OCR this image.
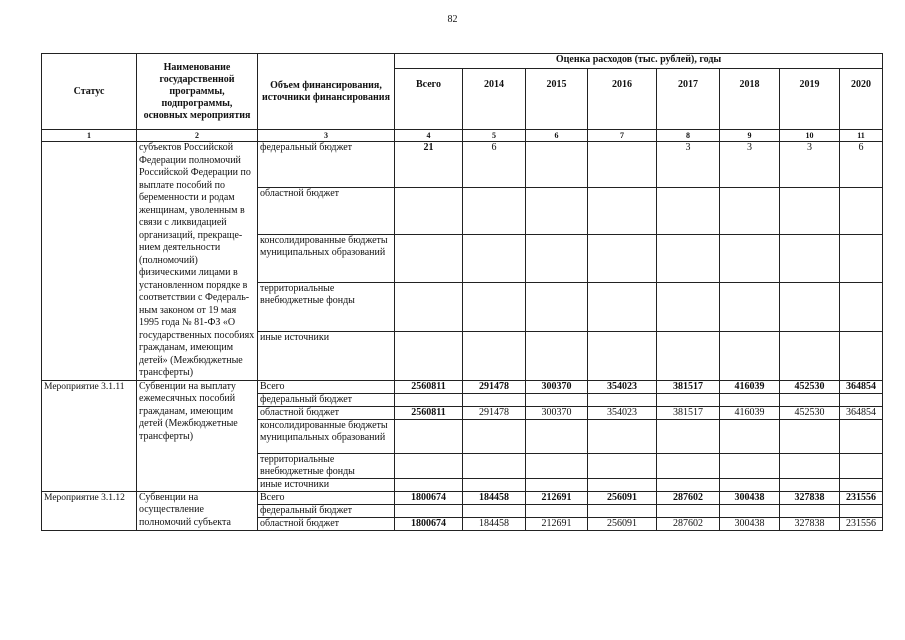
82
Статус	Наименование государственной программы, подпрограммы, основных мероприятия	Объем финансирования, источники финансирования	Оценка расходов (тыс. рублей), годы							
			Всего	2014	2015	2016	2017	2018	2019	2020
1	2	3	4	5	6	7	8	9	10	11
	субъектов Российской Федерации полномочий Российской Федерации по выплате пособий по беременности и родам женщинам, уволенным в связи с ликвидацией организаций, прекраще-нием деятельности (полномочий) физическими лицами в установленном порядке в соответствии с Федераль-ным законом от 19 мая 1995 года № 81-ФЗ «О государственных пособиях гражданам, имеющим детей» (Межбюджетные трансферты)	федеральный бюджет	21	6			3	3	3	6
		областной бюджет								
		консолидированные бюджеты муниципальных образований								
		территориальные внебюджетные фонды								
		иные источники								
Мероприятие 3.1.11	Субвенции на выплату ежемесячных пособий гражданам, имеющим детей (Межбюджетные трансферты)	Всего	2560811	291478	300370	354023	381517	416039	452530	364854
		федеральный бюджет								
		областной бюджет	2560811	291478	300370	354023	381517	416039	452530	364854
		консолидированные бюджеты муниципальных образований								
		территориальные внебюджетные фонды								
		иные источники								
Мероприятие 3.1.12	Субвенции на осуществление полномочий субъекта	Всего	1800674	184458	212691	256091	287602	300438	327838	231556
		федеральный бюджет								
		областной бюджет	1800674	184458	212691	256091	287602	300438	327838	231556
